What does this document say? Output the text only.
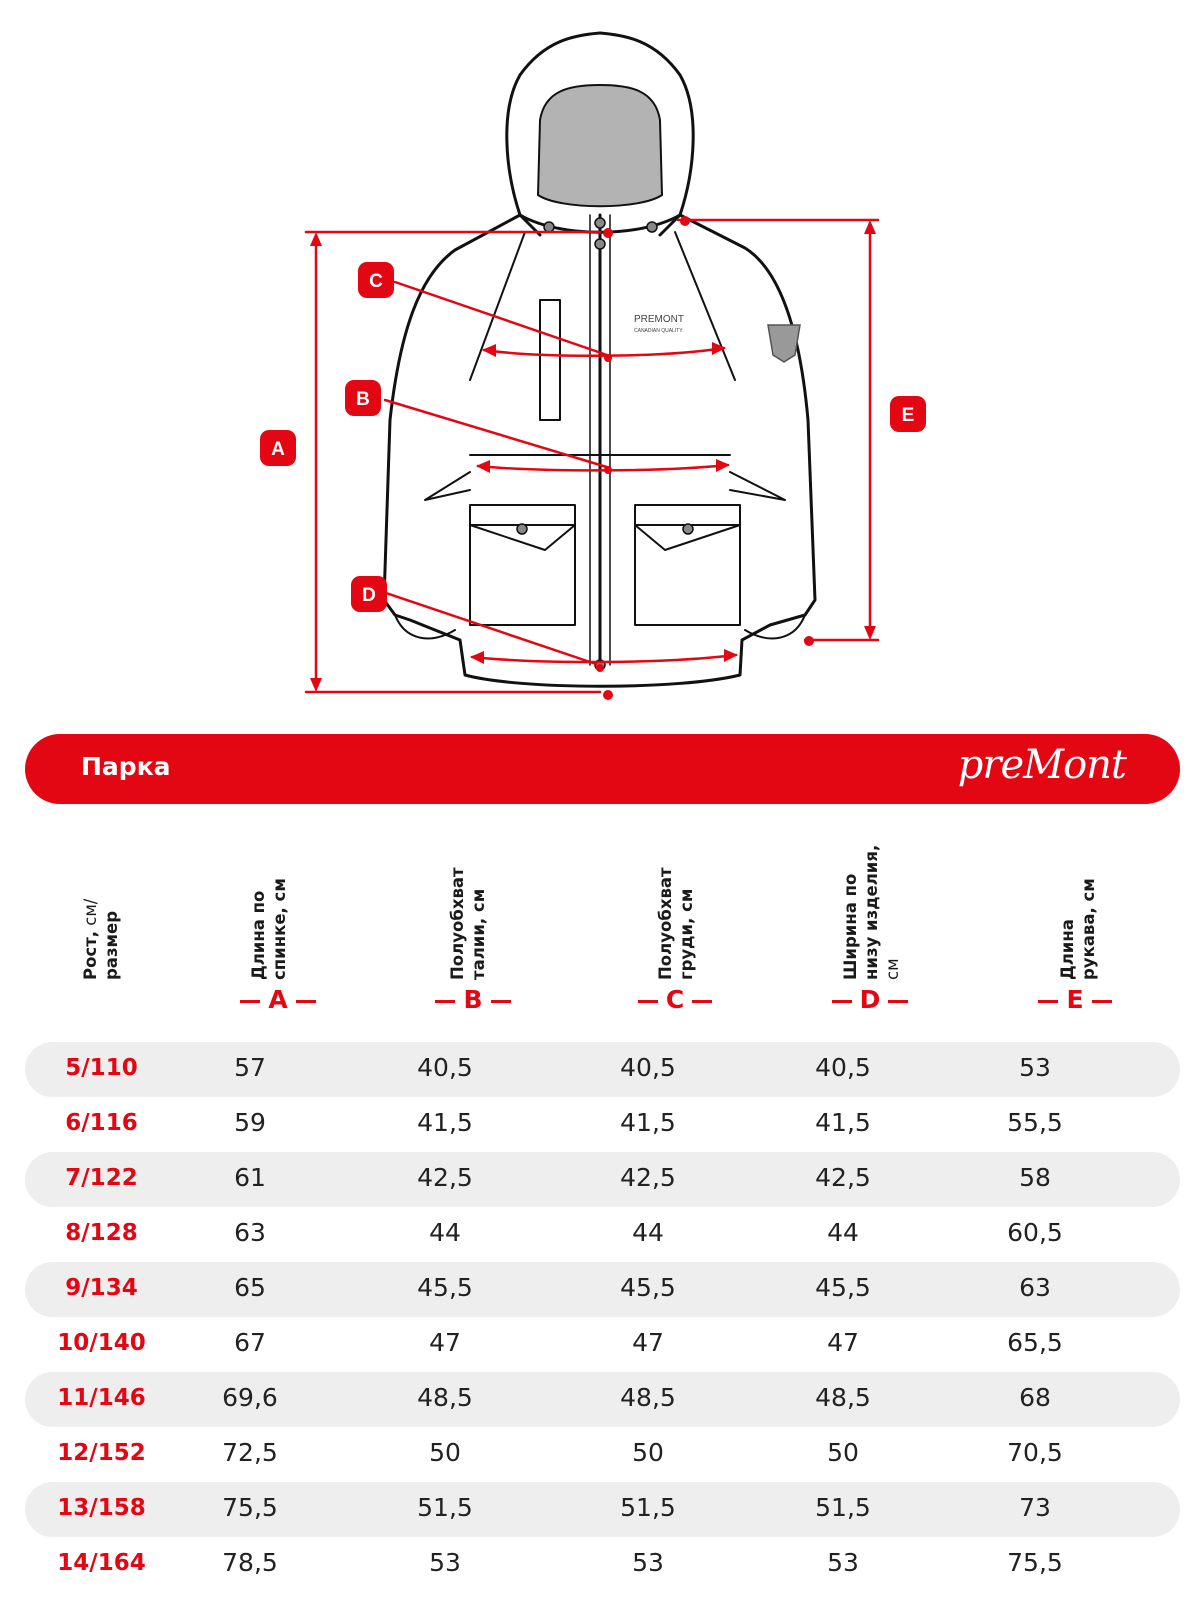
PREMONT
CANADIAN QUALITY
A
B
C
D
E
Парка	preMont
Рост, см/ размер	Длина по спинке, см	Полуобхват талии, см	Полуобхват груди, см	Ширина по низу изделия, см	Длина рукава, см
A	B	C	D	E
5/110	57	40,5	40,5	40,5	53
6/116	59	41,5	41,5	41,5	55,5
7/122	61	42,5	42,5	42,5	58
8/128	63	44	44	44	60,5
9/134	65	45,5	45,5	45,5	63
10/140	67	47	47	47	65,5
11/146	69,6	48,5	48,5	48,5	68
12/152	72,5	50	50	50	70,5
13/158	75,5	51,5	51,5	51,5	73
14/164	78,5	53	53	53	75,5
